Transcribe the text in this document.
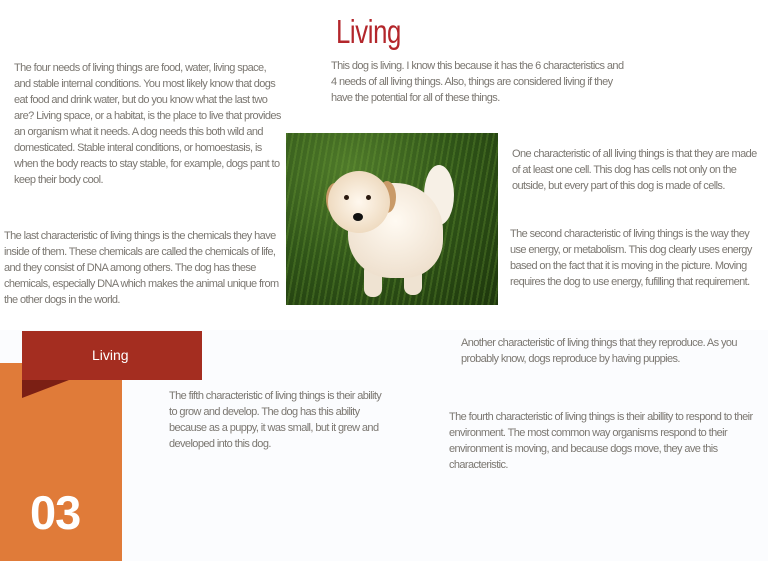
Living
This dog is living. I know this because it has the 6 characteristics and 4 needs of all living things. Also, things are considered living if they have the potential for all of these things.
The four needs of living things are food, water, living space, and stable internal conditions. You most likely know that dogs eat food and drink water, but do you know what the last two are? Living space, or a habitat, is the place to live that provides an organism what it needs. A dog needs this both wild and domesticated. Stable interal conditions, or homoestasis, is when the body reacts to stay stable, for example, dogs pant to keep their body cool.
One characteristic of all living things is that they are made of at least one cell. This dog has cells not only on the outside, but every part of this dog is made of cells.
The last characteristic of living things is the chemicals they have inside of them. These chemicals are called the chemicals of life, and they consist of DNA among others. The dog has these chemicals, especially DNA which makes the animal unique from the other dogs in the world.
The second characteristic of living things is the way they use energy, or metabolism. This dog clearly uses energy based on the fact that it is moving in the picture. Moving requires the dog to use energy, fufilling that requirement.
Another characteristic of living things that they reproduce. As you probably know, dogs reproduce by having puppies.
The fifth characteristic of living things is their ability to grow and develop. The dog has this ability because as a puppy, it was small, but it grew and developed into this dog.
The fourth characteristic of living things is their abillity to respond to their environment. The most common way organisms respond to their environment is moving, and because dogs move, they ave this characteristic.
03
Living
